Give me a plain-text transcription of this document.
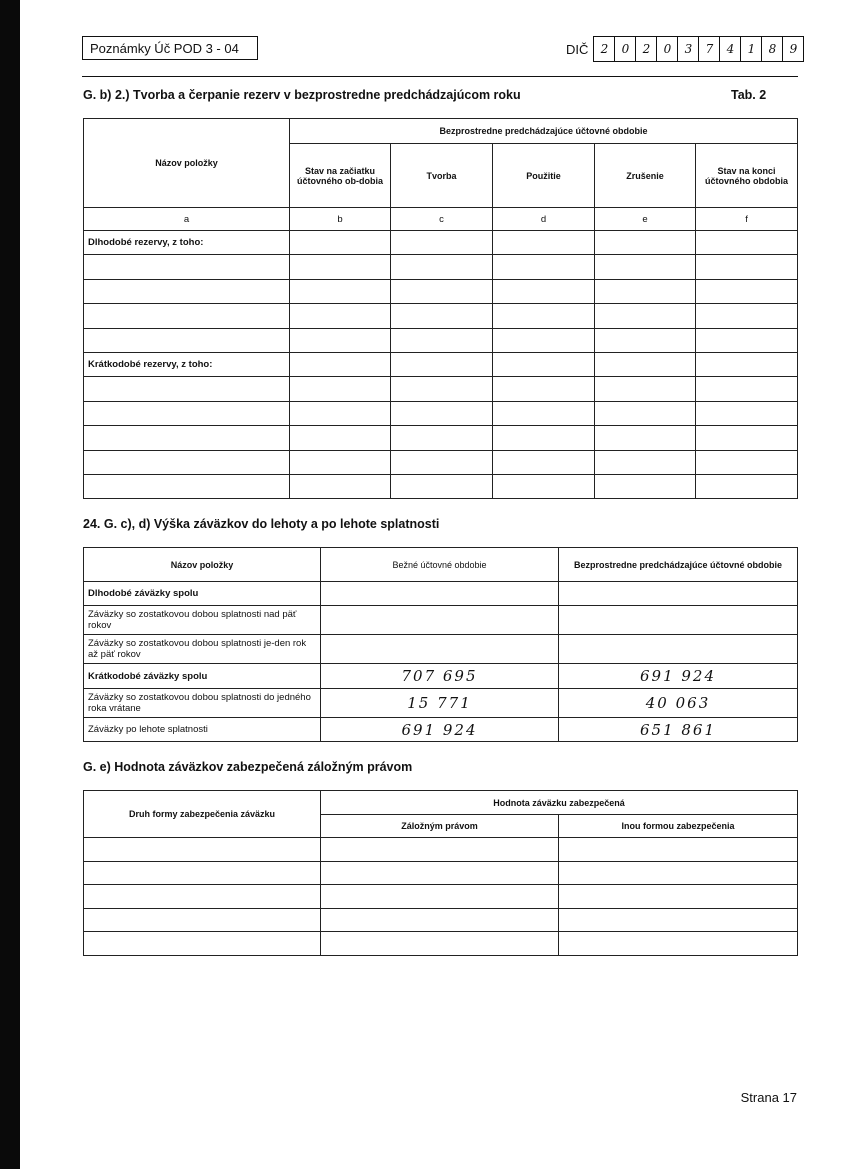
Poznámky Úč POD 3 - 04	DIČ	2	0	2	0	3	7	4	1	8	9
G. b) 2.) Tvorba a čerpanie rezerv v bezprostredne predchádzajúcom roku	Tab. 2
Názov položky	Bezprostredne predchádzajúce účtovné obdobie				
	Stav na začiatku účtovného ob-dobia	Tvorba	Použitie	Zrušenie	Stav na konci účtovného obdobia
a	b	c	d	e	f
Dlhodobé rezervy, z toho:					

Krátkodobé rezervy, z toho:					

24. G. c), d) Výška záväzkov do lehoty a po lehote splatnosti
Názov položky	Bežné účtovné obdobie	Bezprostredne predchádzajúce účtovné obdobie
Dlhodobé záväzky spolu		
Záväzky so zostatkovou dobou splatnosti nad päť rokov		
Záväzky so zostatkovou dobou splatnosti je-den rok až päť rokov		
Krátkodobé záväzky spolu	707 695	691 924
Záväzky so zostatkovou dobou splatnosti do jedného roka vrátane	15 771	40 063
Záväzky po lehote splatnosti	691 924	651 861
G. e) Hodnota záväzkov zabezpečená záložným právom
Druh formy zabezpečenia záväzku	Hodnota záväzku zabezpečená	
	Záložným právom	Inou formou zabezpečenia

Strana 17
